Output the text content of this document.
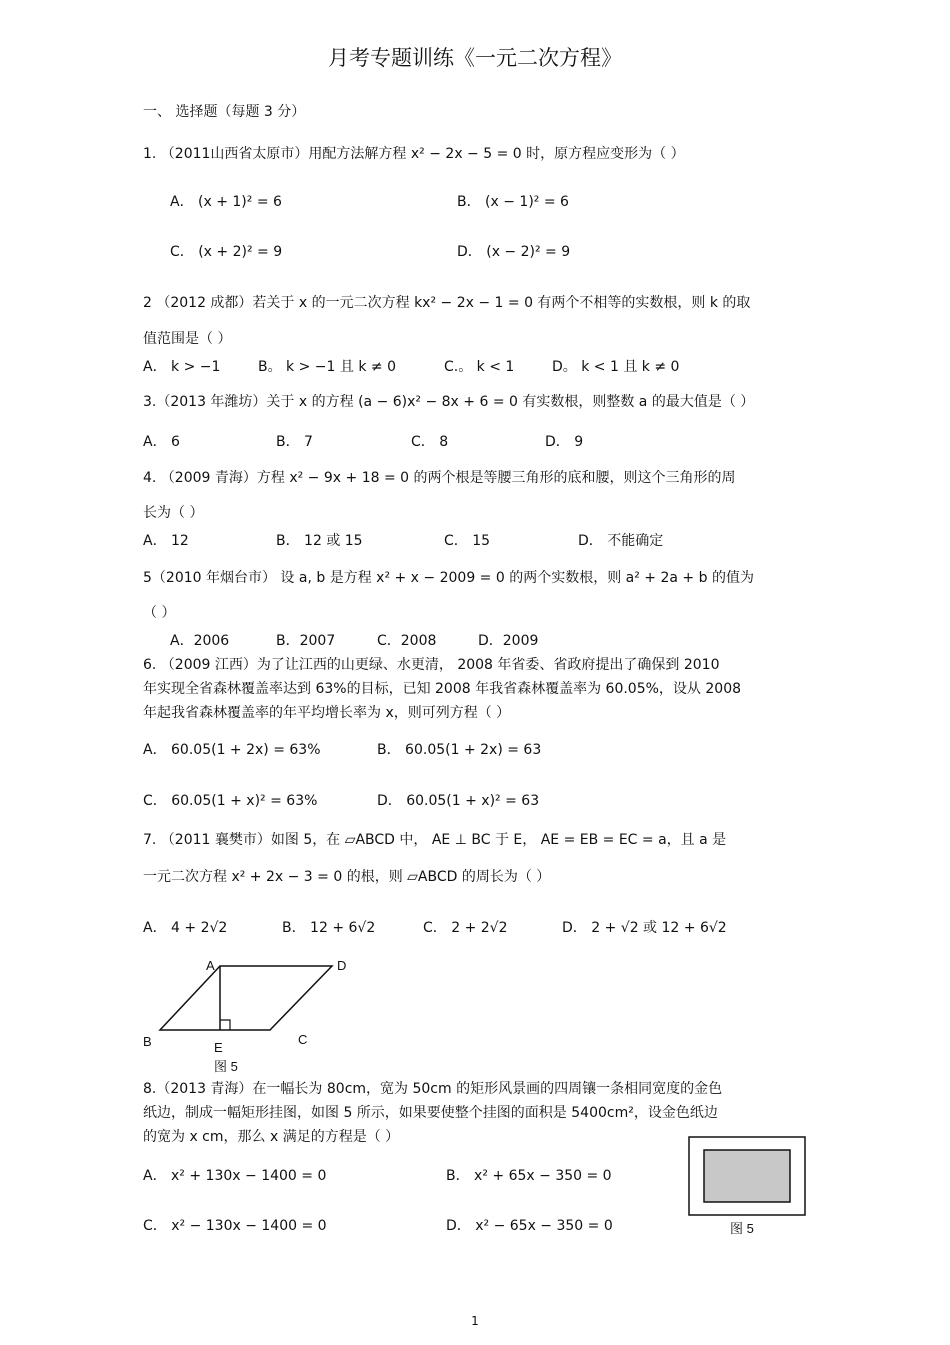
月考专题训练《一元二次方程》
一、 选择题（每题 3 分）
1. （2011山西省太原市）用配方法解方程 x² − 2x − 5 = 0 时，原方程应变形为（ ）
A． (x + 1)² = 6	B． (x − 1)² = 6
C． (x + 2)² = 9	D． (x − 2)² = 9
2 （2012 成都）若关于 x 的一元二次方程 kx² − 2x − 1 = 0 有两个不相等的实数根，则 k 的取
值范围是（ ）
A． k > −1	B。 k > −1 且 k ≠ 0	C.。 k < 1	D。 k < 1 且 k ≠ 0
3.（2013 年潍坊）关于 x 的方程 (a − 6)x² − 8x + 6 = 0 有实数根，则整数 a 的最大值是（ ）
A． 6	B． 7	C． 8	D． 9
4. （2009 青海）方程 x² − 9x + 18 = 0 的两个根是等腰三角形的底和腰，则这个三角形的周
长为（ ）
A． 12	B． 12 或 15	C． 15	D． 不能确定
5（2010 年烟台市） 设 a, b 是方程 x² + x − 2009 = 0 的两个实数根，则 a² + 2a + b 的值为
（ ）
A．2006	B．2007	C．2008	D．2009
6. （2009 江西）为了让江西的山更绿、水更清， 2008 年省委、省政府提出了确保到 2010
年实现全省森林覆盖率达到 63%的目标，已知 2008 年我省森林覆盖率为 60.05%，设从 2008
年起我省森林覆盖率的年平均增长率为 x，则可列方程（ ）
A． 60.05(1 + 2x) = 63%	B． 60.05(1 + 2x) = 63
C． 60.05(1 + x)² = 63%	D． 60.05(1 + x)² = 63
7. （2011 襄樊市）如图 5，在 ▱ABCD 中， AE ⊥ BC 于 E， AE = EB = EC = a，且 a 是
一元二次方程 x² + 2x − 3 = 0 的根，则 ▱ABCD 的周长为（ ）
A． 4 + 2√2	B． 12 + 6√2	C． 2 + 2√2	D． 2 + √2 或 12 + 6√2
A	D
B	C
E
图 5
8.（2013 青海）在一幅长为 80cm，宽为 50cm 的矩形风景画的四周镶一条相同宽度的金色
纸边，制成一幅矩形挂图，如图 5 所示，如果要使整个挂图的面积是 5400cm²，设金色纸边
的宽为 x cm，那么 x 满足的方程是（ ）
A． x² + 130x − 1400 = 0	B． x² + 65x − 350 = 0
C． x² − 130x − 1400 = 0	D． x² − 65x − 350 = 0	图 5
1
